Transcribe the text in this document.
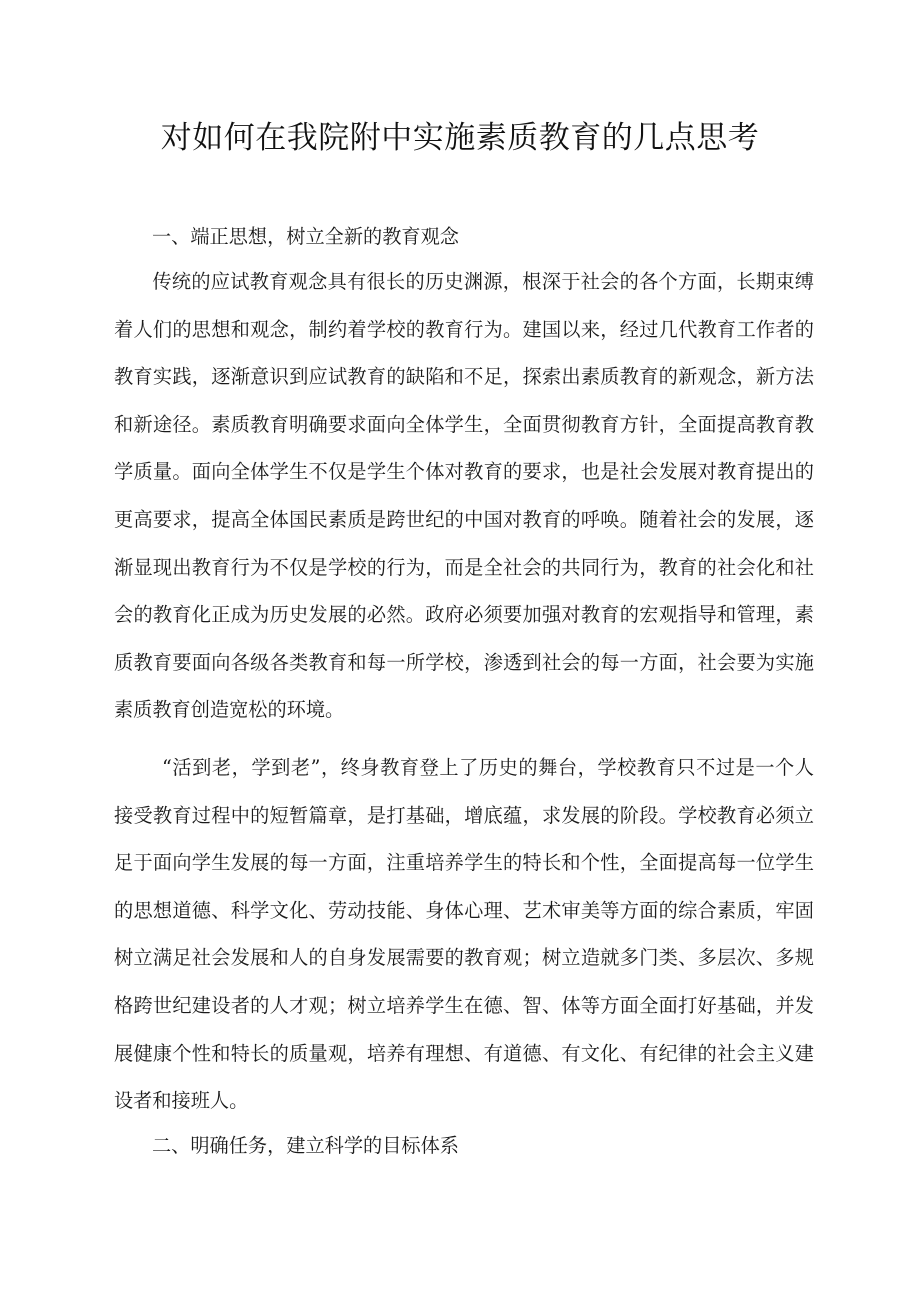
对如何在我院附中实施素质教育的几点思考
一、端正思想，树立全新的教育观念

传统的应试教育观念具有很长的历史渊源，根深于社会的各个方面，长期束缚着人们的思想和观念，制约着学校的教育行为。建国以来，经过几代教育工作者的教育实践，逐渐意识到应试教育的缺陷和不足，探索出素质教育的新观念，新方法和新途径。素质教育明确要求面向全体学生，全面贯彻教育方针，全面提高教育教学质量。面向全体学生不仅是学生个体对教育的要求，也是社会发展对教育提出的更高要求，提高全体国民素质是跨世纪的中国对教育的呼唤。随着社会的发展，逐渐显现出教育行为不仅是学校的行为，而是全社会的共同行为，教育的社会化和社会的教育化正成为历史发展的必然。政府必须要加强对教育的宏观指导和管理，素质教育要面向各级各类教育和每一所学校，渗透到社会的每一方面，社会要为实施素质教育创造宽松的环境。

“活到老，学到老”，终身教育登上了历史的舞台，学校教育只不过是一个人接受教育过程中的短暂篇章，是打基础，增底蕴，求发展的阶段。学校教育必须立足于面向学生发展的每一方面，注重培养学生的特长和个性，全面提高每一位学生的思想道德、科学文化、劳动技能、身体心理、艺术审美等方面的综合素质，牢固树立满足社会发展和人的自身发展需要的教育观；树立造就多门类、多层次、多规格跨世纪建设者的人才观；树立培养学生在德、智、体等方面全面打好基础，并发展健康个性和特长的质量观，培养有理想、有道德、有文化、有纪律的社会主义建设者和接班人。

二、明确任务，建立科学的目标体系
